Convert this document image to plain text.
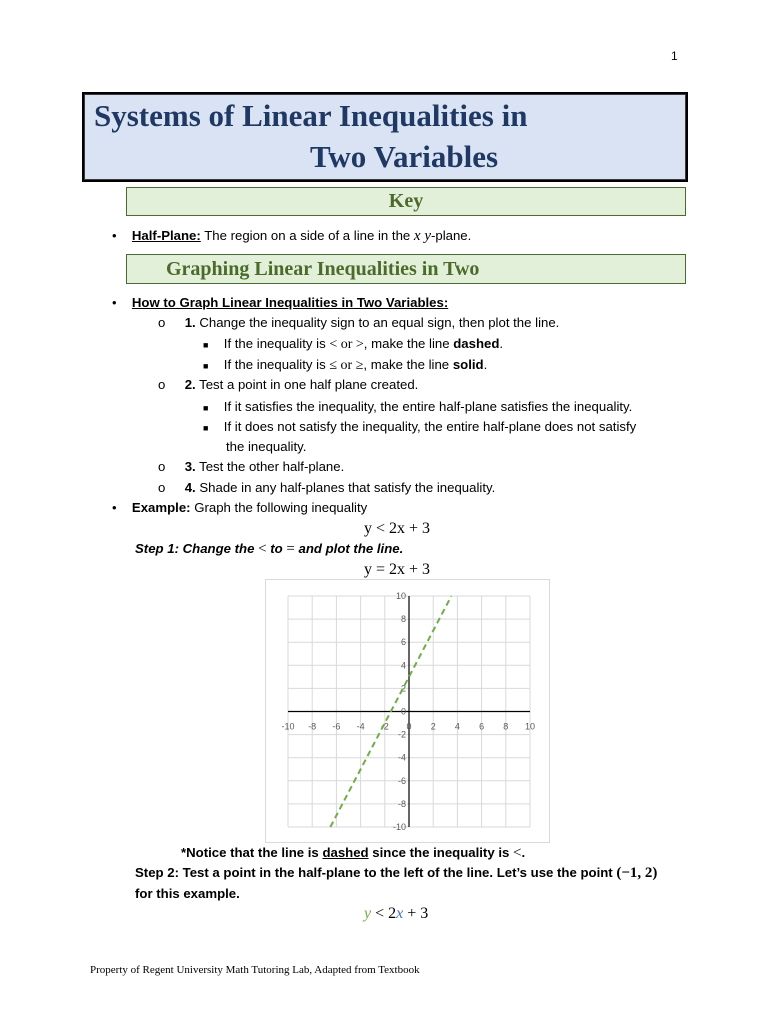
1
Systems of Linear Inequalities in
Two Variables
Key
• Half-Plane: The region on a side of a line in the x y-plane.
Graphing Linear Inequalities in Two
• How to Graph Linear Inequalities in Two Variables:
o 1. Change the inequality sign to an equal sign, then plot the line.
■ If the inequality is < or >, make the line dashed.
■ If the inequality is ≤ or ≥, make the line solid.
o 2. Test a point in one half plane created.
■ If it satisfies the inequality, the entire half-plane satisfies the inequality.
■ If it does not satisfy the inequality, the entire half-plane does not satisfy
the inequality.
o 3. Test the other half-plane.
o 4. Shade in any half-planes that satisfy the inequality.
• Example: Graph the following inequality
y < 2x + 3
Step 1: Change the < to = and plot the line.
y = 2x + 3
-10 -8 -6 -4 -2 0 2 4 6 8 10
-10
-8
-6
-4
-2
2
4
6
8
10
0
*Notice that the line is dashed since the inequality is <.
Step 2: Test a point in the half-plane to the left of the line. Let’s use the point (−1, 2)
for this example.
y < 2x + 3
Property of Regent University Math Tutoring Lab, Adapted from Textbook
